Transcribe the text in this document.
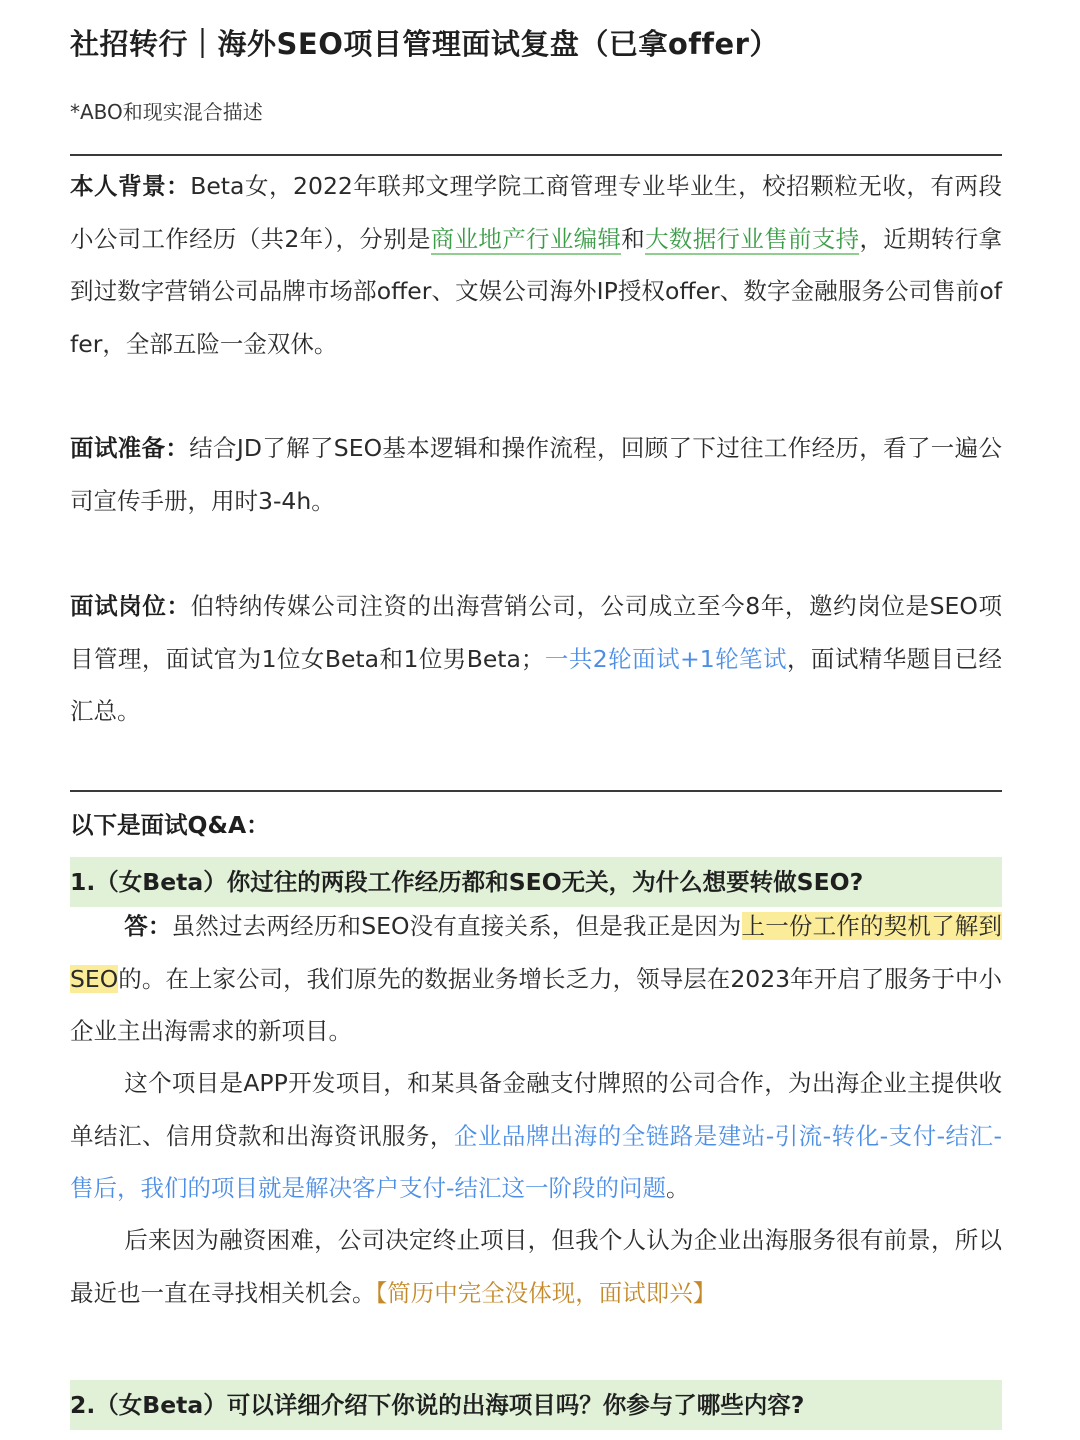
社招转行｜海外SEO项目管理面试复盘（已拿offer）
*ABO和现实混合描述
本人背景：Beta女，2022年联邦文理学院工商管理专业毕业生，校招颗粒无收，有两段小公司工作经历（共2年），分别是商业地产行业编辑和大数据行业售前支持，近期转行拿到过数字营销公司品牌市场部offer、文娱公司海外IP授权offer、数字金融服务公司售前offer，全部五险一金双休。
面试准备：结合JD了解了SEO基本逻辑和操作流程，回顾了下过往工作经历，看了一遍公司宣传手册，用时3-4h。
面试岗位：伯特纳传媒公司注资的出海营销公司，公司成立至今8年，邀约岗位是SEO项目管理，面试官为1位女Beta和1位男Beta；一共2轮面试+1轮笔试，面试精华题目已经汇总。
以下是面试Q&A：
1.（女Beta）你过往的两段工作经历都和SEO无关，为什么想要转做SEO?
答：虽然过去两经历和SEO没有直接关系，但是我正是因为上一份工作的契机了解到SEO的。在上家公司，我们原先的数据业务增长乏力，领导层在2023年开启了服务于中小企业主出海需求的新项目。
这个项目是APP开发项目，和某具备金融支付牌照的公司合作，为出海企业主提供收单结汇、信用贷款和出海资讯服务，企业品牌出海的全链路是建站-引流-转化-支付-结汇-售后，我们的项目就是解决客户支付-结汇这一阶段的问题。
后来因为融资困难，公司决定终止项目，但我个人认为企业出海服务很有前景，所以最近也一直在寻找相关机会。【简历中完全没体现，面试即兴】
2.（女Beta）可以详细介绍下你说的出海项目吗？你参与了哪些内容?
